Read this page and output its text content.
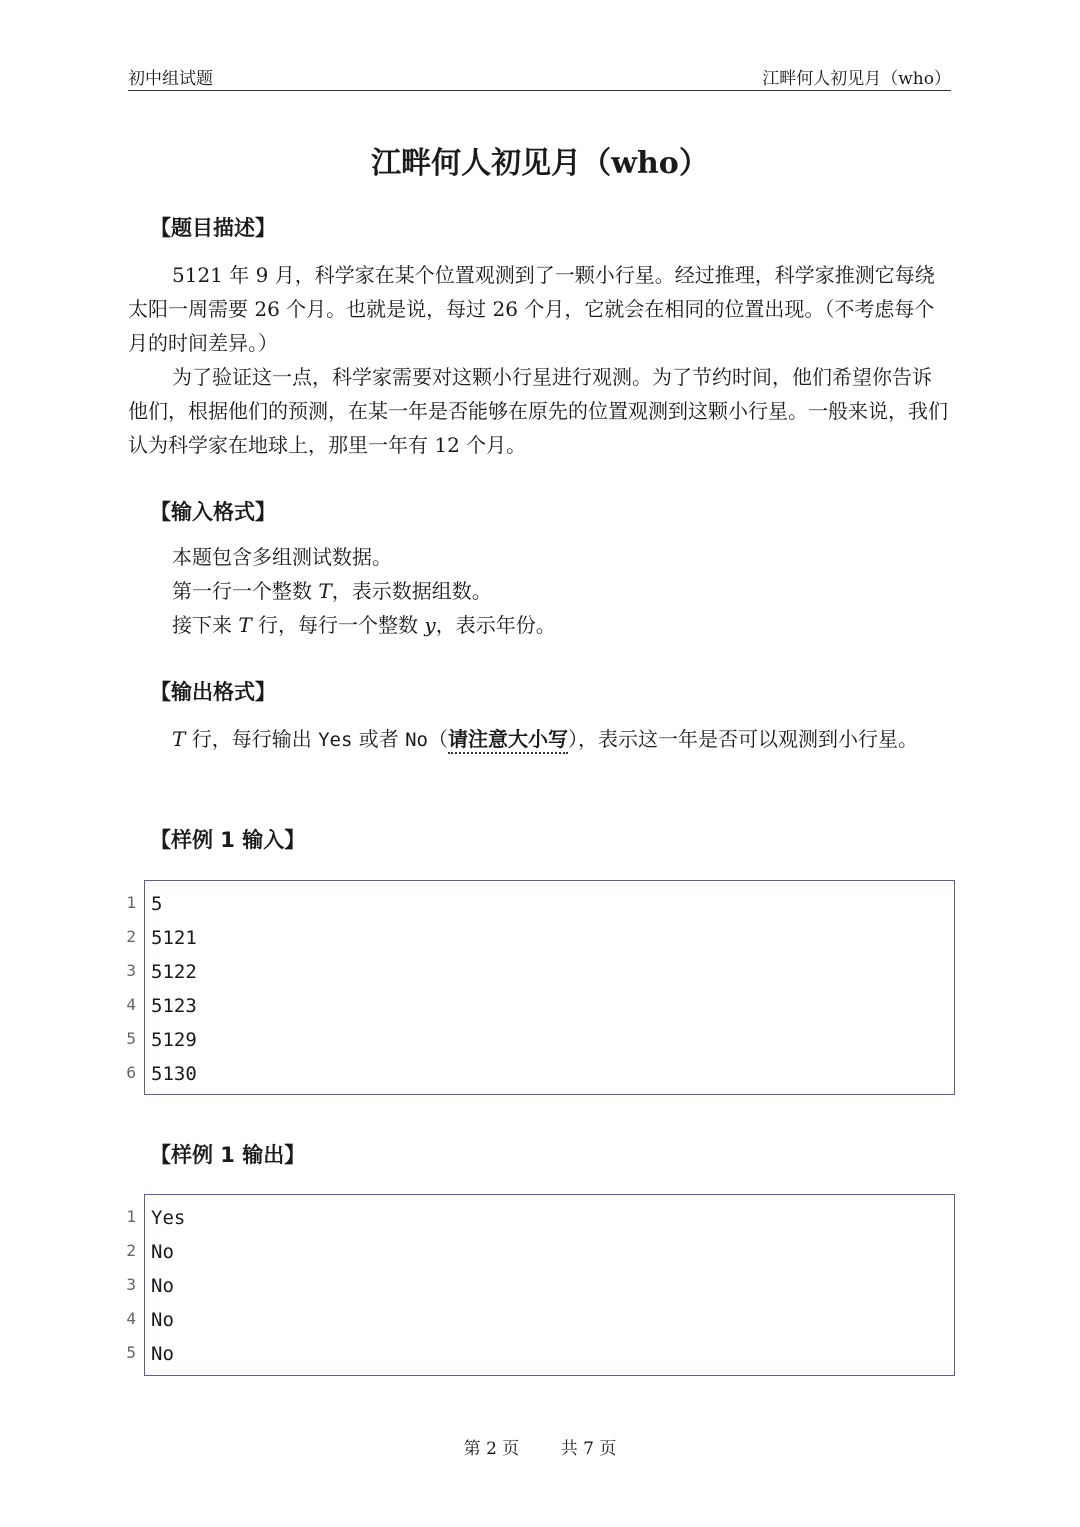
初中组试题	江畔何人初见月（who）
江畔何人初见月（who）
【题目描述】

5121 年 9 月，科学家在某个位置观测到了一颗小行星。经过推理，科学家推测它每绕太阳一周需要 26 个月。也就是说，每过 26 个月，它就会在相同的位置出现。（不考虑每个月的时间差异。）

为了验证这一点，科学家需要对这颗小行星进行观测。为了节约时间，他们希望你告诉他们，根据他们的预测，在某一年是否能够在原先的位置观测到这颗小行星。一般来说，我们认为科学家在地球上，那里一年有 12 个月。

【输入格式】

本题包含多组测试数据。

第一行一个整数 T，表示数据组数。

接下来 T 行，每行一个整数 y，表示年份。

【输出格式】

T 行，每行输出 Yes 或者 No（请注意大小写），表示这一年是否可以观测到小行星。

【样例 1 输入】
1
2
3
4
5
6
5
5121
5122
5123
5129
5130
【样例 1 输出】
1
2
3
4
5
Yes
No
No
No
No
第 2 页 共 7 页
